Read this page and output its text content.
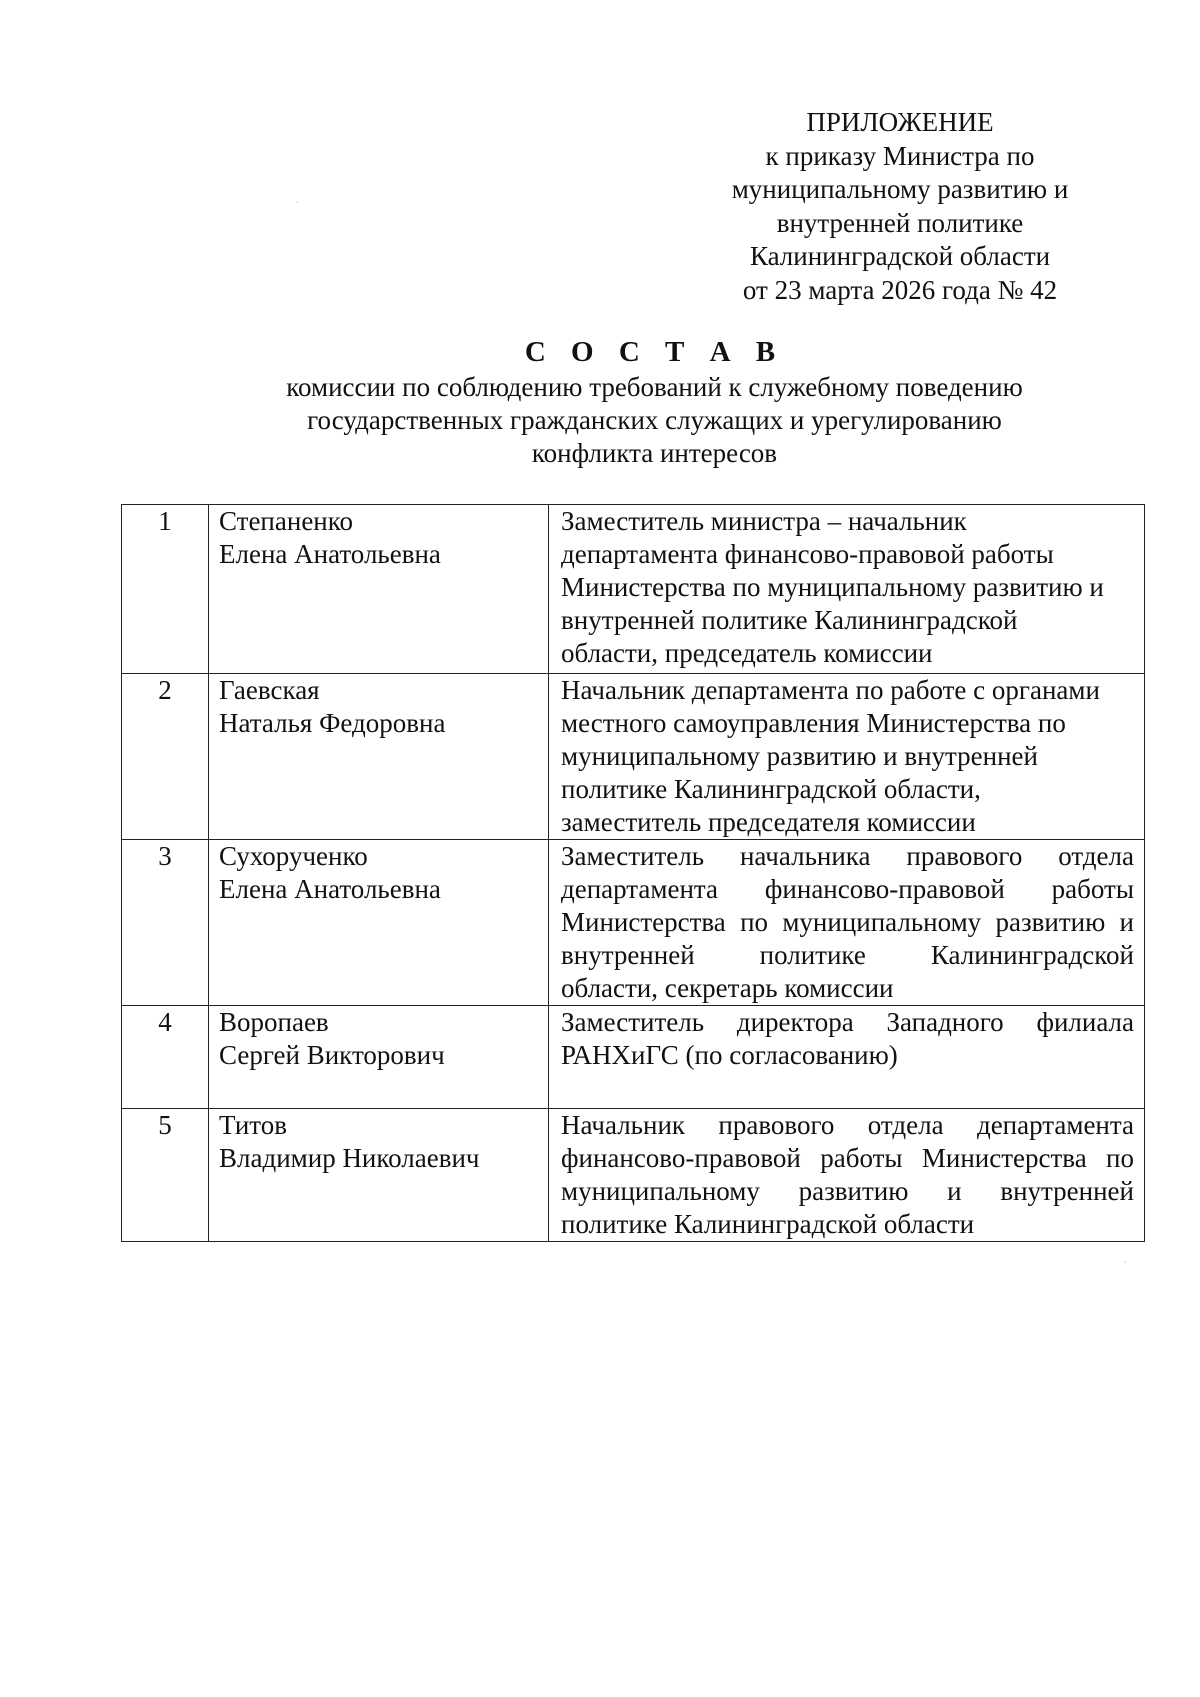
ПРИЛОЖЕНИЕ
к приказу Министра по
муниципальному развитию и
внутренней политике
Калининградской области
от 23 марта 2026 года № 42
С О С Т А В
комиссии по соблюдению требований к служебному поведению
государственных гражданских служащих и урегулированию
конфликта интересов
1	Степаненко
Елена Анатольевна	Заместитель министра – начальник
департамента финансово-правовой работы
Министерства по муниципальному развитию и
внутренней политике Калининградской
области, председатель комиссии

2	Гаевская
Наталья Федоровна	Начальник департамента по работе с органами
местного самоуправления Министерства по
муниципальному развитию и внутренней
политике Калининградской области,
заместитель председателя комиссии

3	Сухорученко
Елена Анатольевна	Заместитель начальника правового отдела
департамента финансово-правовой работы
Министерства по муниципальному развитию и
внутренней политике Калининградской
области, секретарь комиссии

4	Воропаев
Сергей Викторович	Заместитель директора Западного филиала
РАНХиГС (по согласованию)

5	Титов
Владимир Николаевич	Начальник правового отдела департамента
финансово-правовой работы Министерства по
муниципальному развитию и внутренней
политике Калининградской области
·
·
